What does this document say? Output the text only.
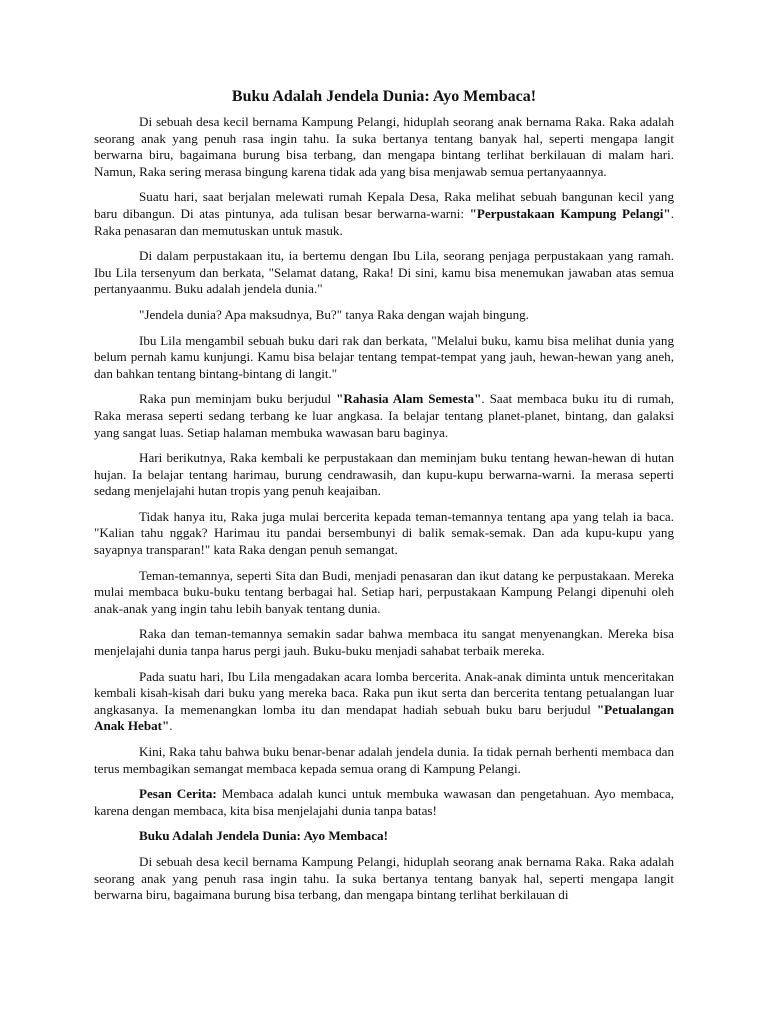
Buku Adalah Jendela Dunia: Ayo Membaca!

Di sebuah desa kecil bernama Kampung Pelangi, hiduplah seorang anak bernama Raka. Raka adalah seorang anak yang penuh rasa ingin tahu. Ia suka bertanya tentang banyak hal, seperti mengapa langit berwarna biru, bagaimana burung bisa terbang, dan mengapa bintang terlihat berkilauan di malam hari. Namun, Raka sering merasa bingung karena tidak ada yang bisa menjawab semua pertanyaannya.

Suatu hari, saat berjalan melewati rumah Kepala Desa, Raka melihat sebuah bangunan kecil yang baru dibangun. Di atas pintunya, ada tulisan besar berwarna-warni: "Perpustakaan Kampung Pelangi". Raka penasaran dan memutuskan untuk masuk.

Di dalam perpustakaan itu, ia bertemu dengan Ibu Lila, seorang penjaga perpustakaan yang ramah. Ibu Lila tersenyum dan berkata, "Selamat datang, Raka! Di sini, kamu bisa menemukan jawaban atas semua pertanyaanmu. Buku adalah jendela dunia."

"Jendela dunia? Apa maksudnya, Bu?" tanya Raka dengan wajah bingung.

Ibu Lila mengambil sebuah buku dari rak dan berkata, "Melalui buku, kamu bisa melihat dunia yang belum pernah kamu kunjungi. Kamu bisa belajar tentang tempat-tempat yang jauh, hewan-hewan yang aneh, dan bahkan tentang bintang-bintang di langit."

Raka pun meminjam buku berjudul "Rahasia Alam Semesta". Saat membaca buku itu di rumah, Raka merasa seperti sedang terbang ke luar angkasa. Ia belajar tentang planet-planet, bintang, dan galaksi yang sangat luas. Setiap halaman membuka wawasan baru baginya.

Hari berikutnya, Raka kembali ke perpustakaan dan meminjam buku tentang hewan-hewan di hutan hujan. Ia belajar tentang harimau, burung cendrawasih, dan kupu-kupu berwarna-warni. Ia merasa seperti sedang menjelajahi hutan tropis yang penuh keajaiban.

Tidak hanya itu, Raka juga mulai bercerita kepada teman-temannya tentang apa yang telah ia baca. "Kalian tahu nggak? Harimau itu pandai bersembunyi di balik semak-semak. Dan ada kupu-kupu yang sayapnya transparan!" kata Raka dengan penuh semangat.

Teman-temannya, seperti Sita dan Budi, menjadi penasaran dan ikut datang ke perpustakaan. Mereka mulai membaca buku-buku tentang berbagai hal. Setiap hari, perpustakaan Kampung Pelangi dipenuhi oleh anak-anak yang ingin tahu lebih banyak tentang dunia.

Raka dan teman-temannya semakin sadar bahwa membaca itu sangat menyenangkan. Mereka bisa menjelajahi dunia tanpa harus pergi jauh. Buku-buku menjadi sahabat terbaik mereka.

Pada suatu hari, Ibu Lila mengadakan acara lomba bercerita. Anak-anak diminta untuk menceritakan kembali kisah-kisah dari buku yang mereka baca. Raka pun ikut serta dan bercerita tentang petualangan luar angkasanya. Ia memenangkan lomba itu dan mendapat hadiah sebuah buku baru berjudul "Petualangan Anak Hebat".

Kini, Raka tahu bahwa buku benar-benar adalah jendela dunia. Ia tidak pernah berhenti membaca dan terus membagikan semangat membaca kepada semua orang di Kampung Pelangi.

Pesan Cerita: Membaca adalah kunci untuk membuka wawasan dan pengetahuan. Ayo membaca, karena dengan membaca, kita bisa menjelajahi dunia tanpa batas!

Buku Adalah Jendela Dunia: Ayo Membaca!

Di sebuah desa kecil bernama Kampung Pelangi, hiduplah seorang anak bernama Raka. Raka adalah seorang anak yang penuh rasa ingin tahu. Ia suka bertanya tentang banyak hal, seperti mengapa langit berwarna biru, bagaimana burung bisa terbang, dan mengapa bintang terlihat berkilauan di
